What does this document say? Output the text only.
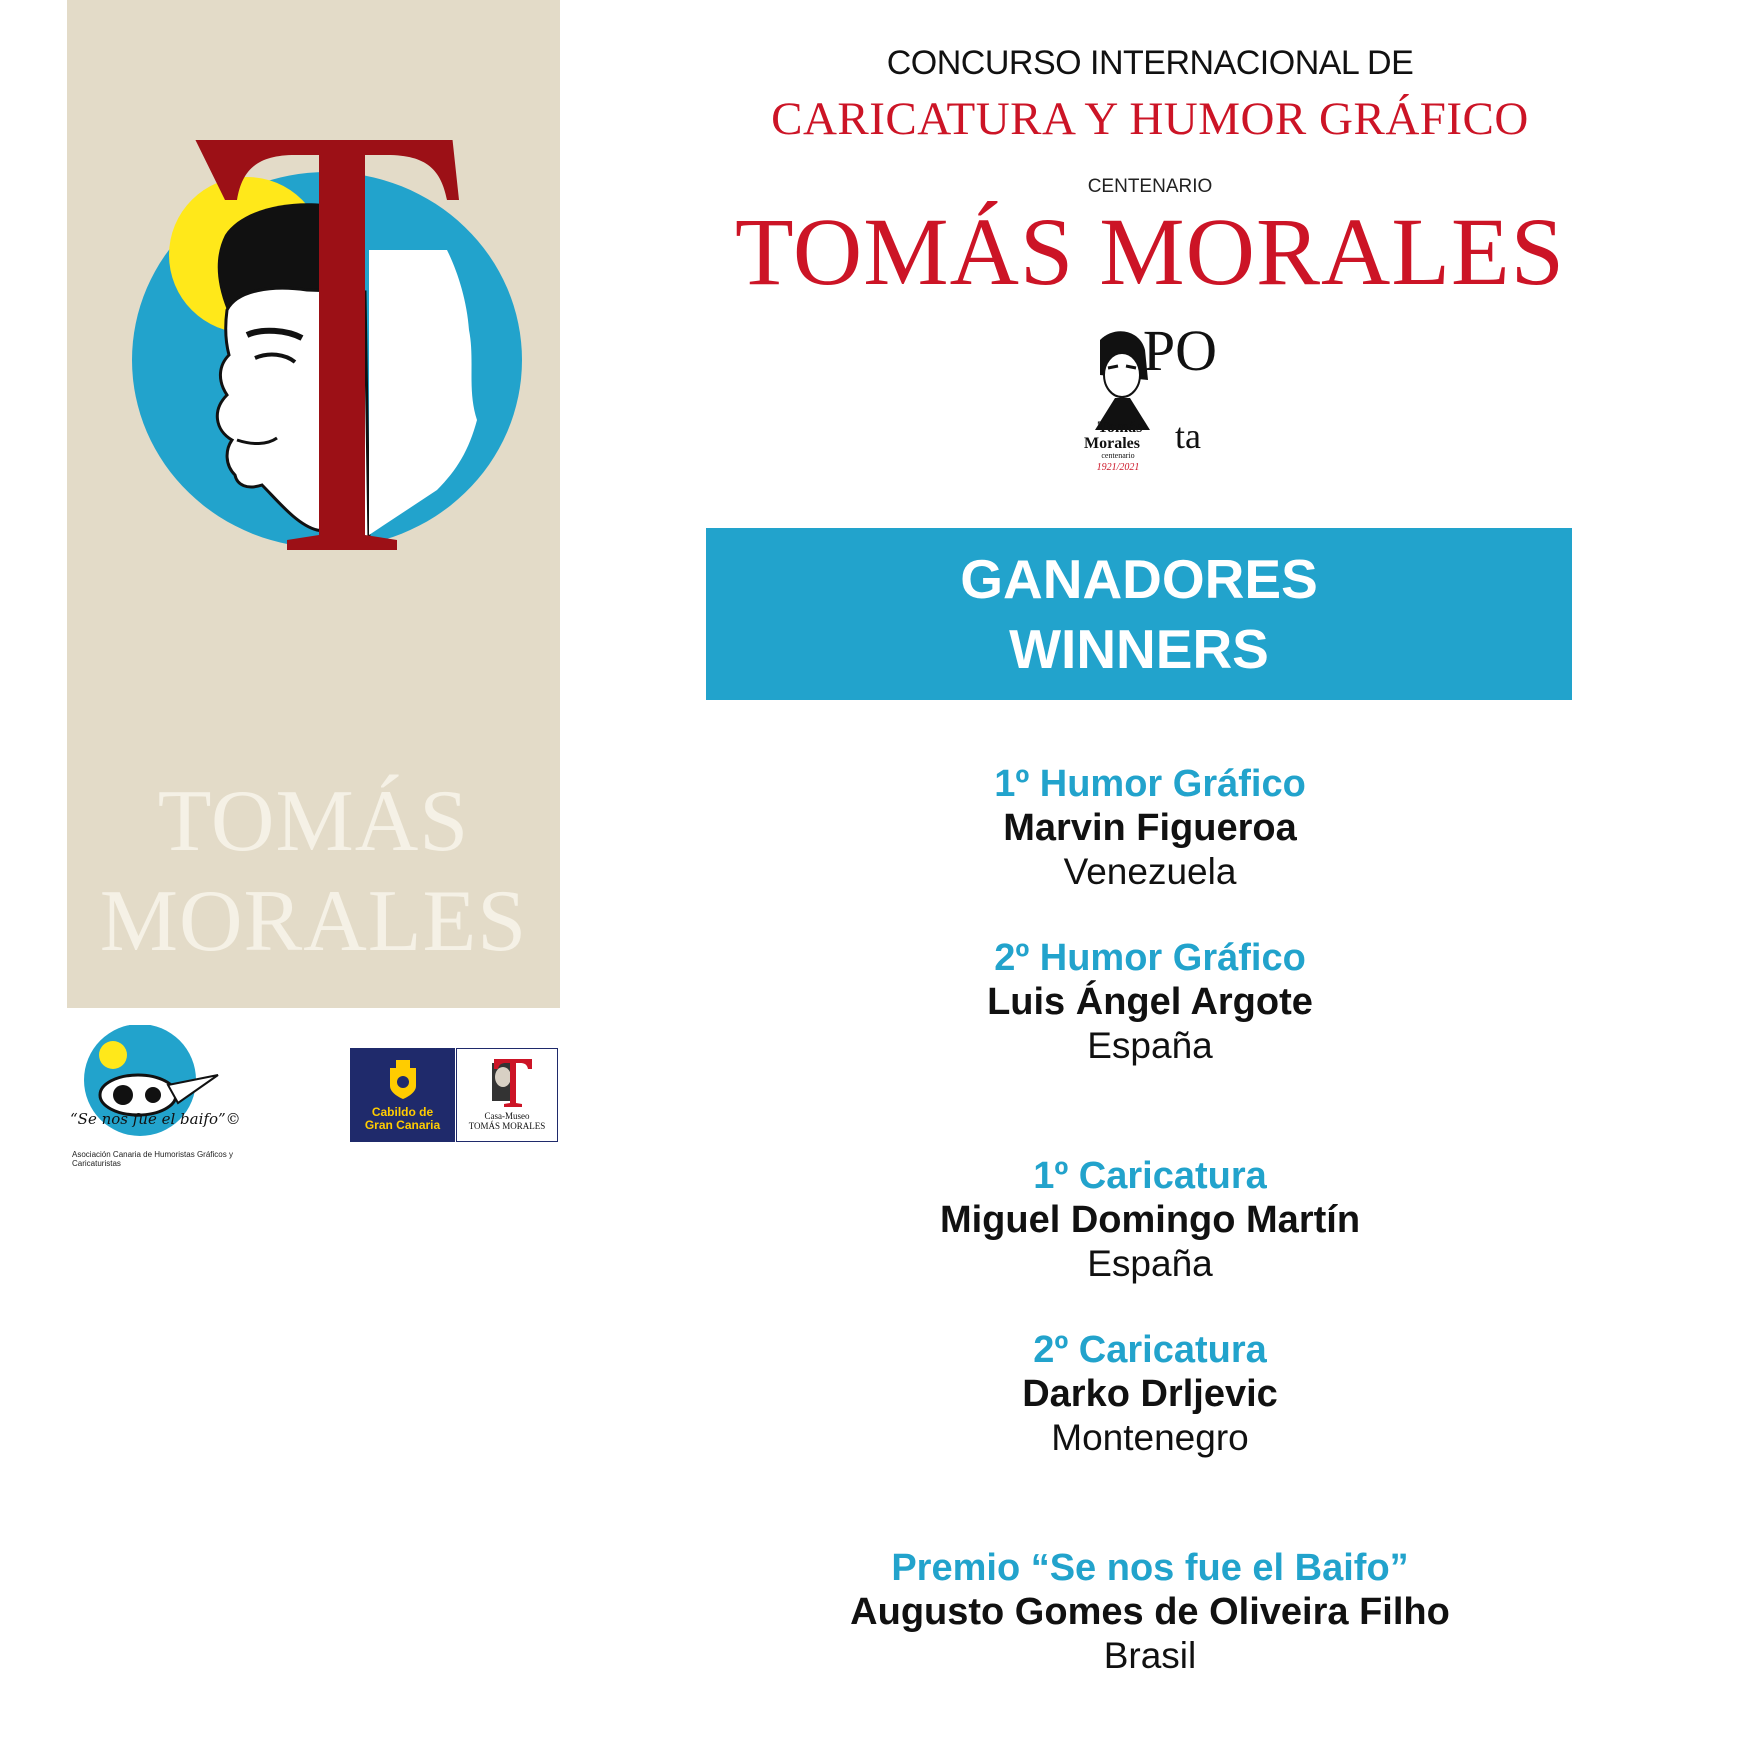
T
TOMÁS
MORALES
“Se nos fue el baifo”©
Asociación Canaria de Humoristas Gráficos y Caricaturistas
Cabildo de
Gran Canaria
Casa-Museo
TOMÁS MORALES
CONCURSO INTERNACIONAL DE
CARICATURA Y HUMOR GRÁFICO
CENTENARIO
TOMÁS MORALES
PO
ta
Tomás
Morales
centenario
1921/2021
GANADORES
WINNERS
1º Humor Gráfico
Marvin Figueroa
Venezuela
2º Humor Gráfico
Luis Ángel Argote
España
1º Caricatura
Miguel Domingo Martín
España
2º Caricatura
Darko Drljevic
Montenegro
Premio “Se nos fue el Baifo”
Augusto Gomes de Oliveira Filho
Brasil
